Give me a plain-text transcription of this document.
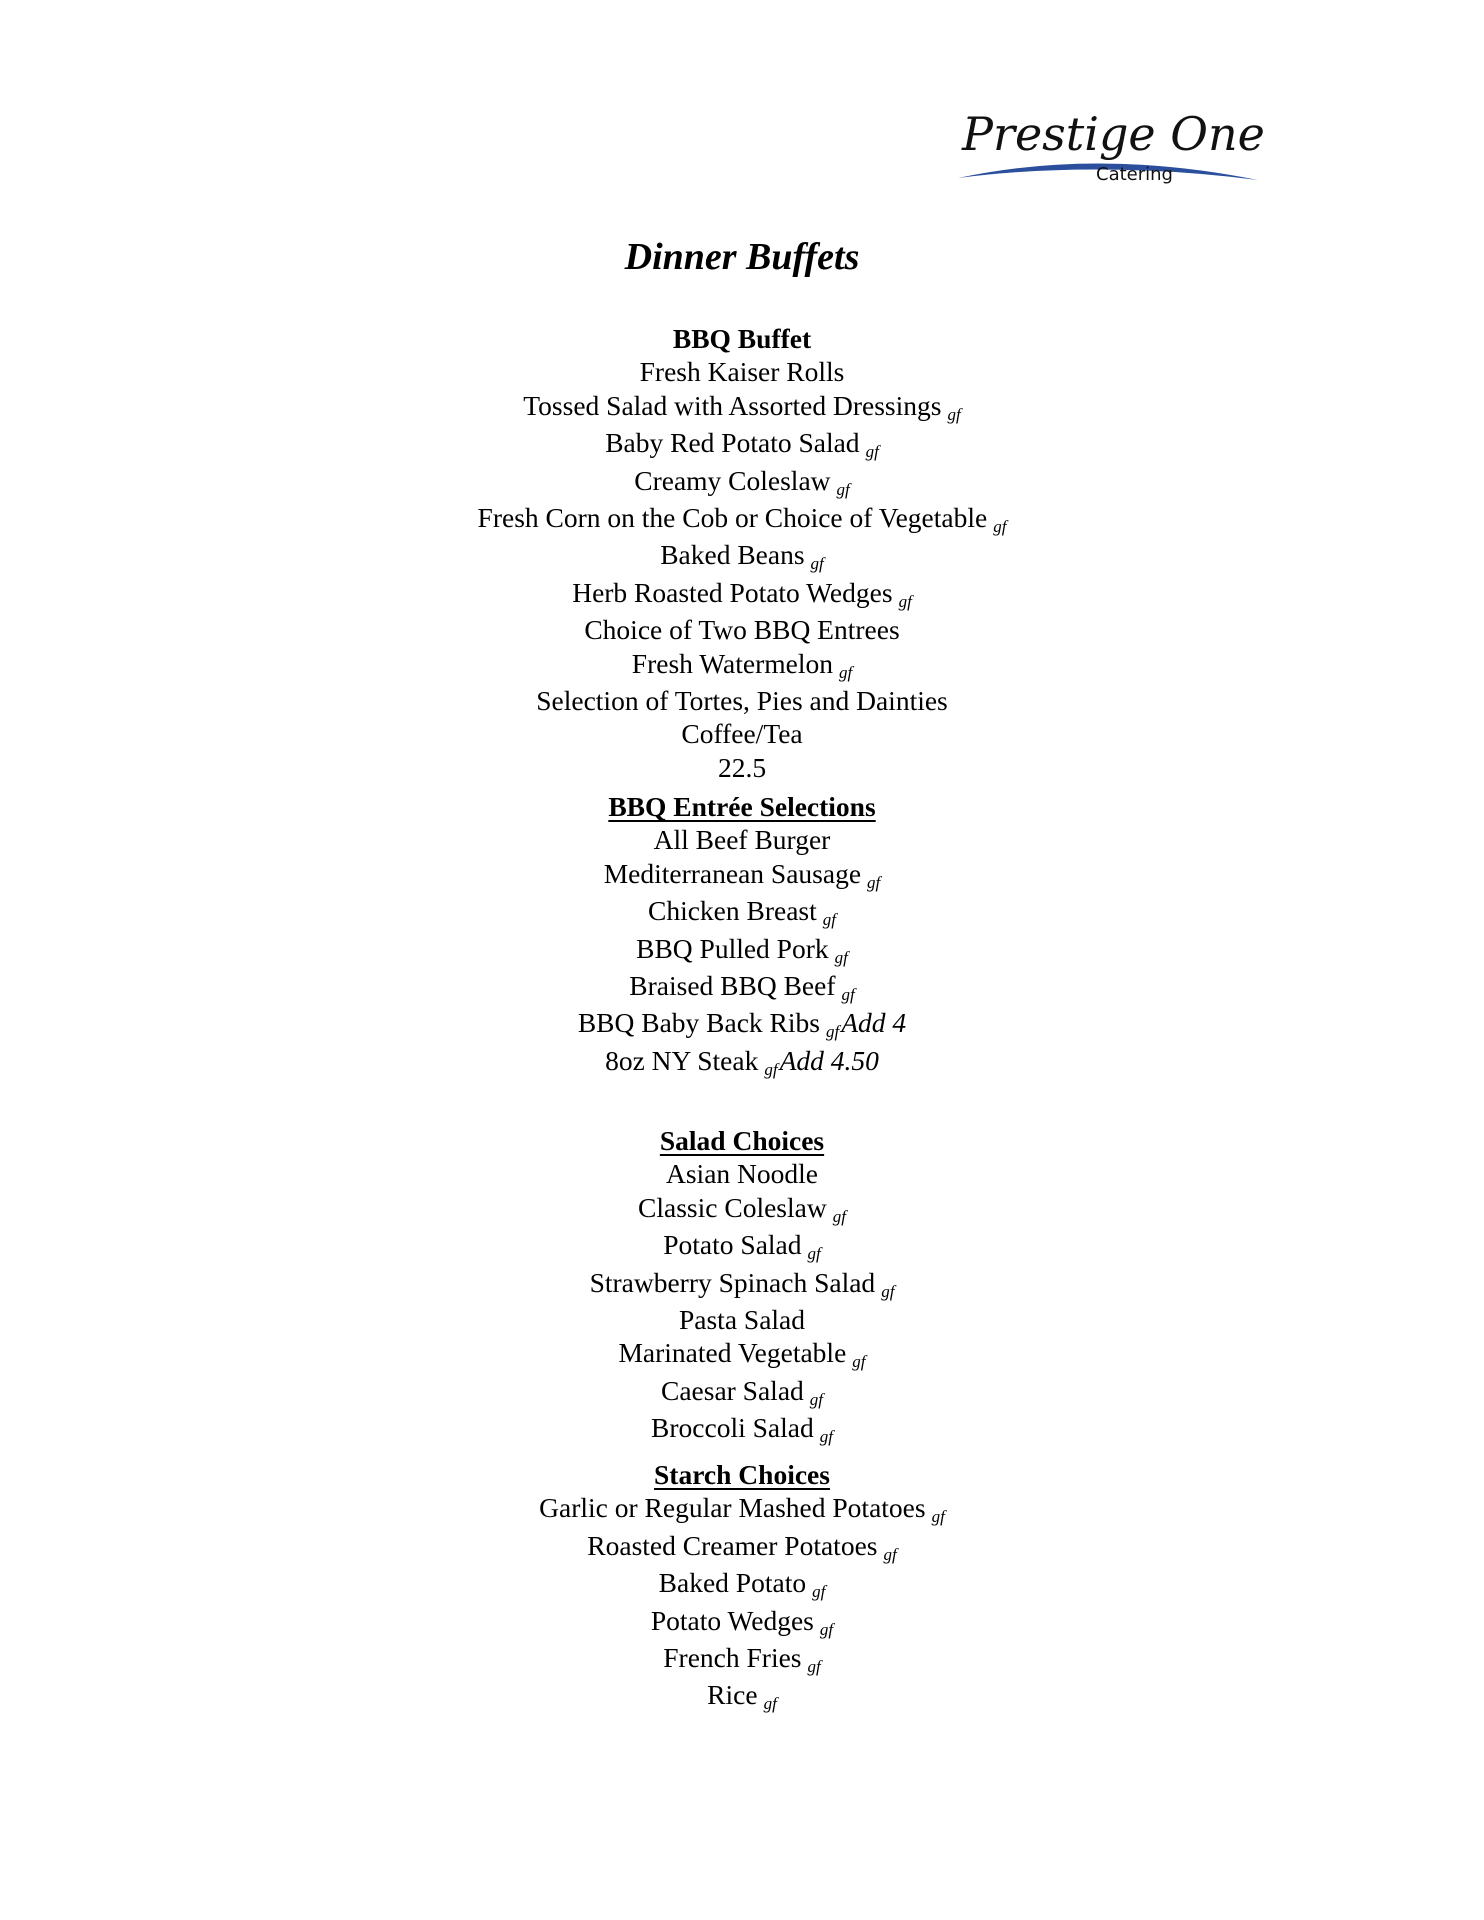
Prestige One
Catering
Dinner Buffets
BBQ Buffet
Fresh Kaiser Rolls
Tossed Salad with Assorted Dressings gf
Baby Red Potato Salad gf
Creamy Coleslaw gf
Fresh Corn on the Cob or Choice of Vegetable gf
Baked Beans gf
Herb Roasted Potato Wedges gf
Choice of Two BBQ Entrees
Fresh Watermelon gf
Selection of Tortes, Pies and Dainties
Coffee/Tea
22.5
BBQ Entrée Selections
All Beef Burger
Mediterranean Sausage gf
Chicken Breast gf
BBQ Pulled Pork gf
Braised BBQ Beef gf
BBQ Baby Back Ribs gfAdd 4
8oz NY Steak gfAdd 4.50
Salad Choices
Asian Noodle
Classic Coleslaw gf
Potato Salad gf
Strawberry Spinach Salad gf
Pasta Salad
Marinated Vegetable gf
Caesar Salad gf
Broccoli Salad gf
Starch Choices
Garlic or Regular Mashed Potatoes gf
Roasted Creamer Potatoes gf
Baked Potato gf
Potato Wedges gf
French Fries gf
Rice gf
